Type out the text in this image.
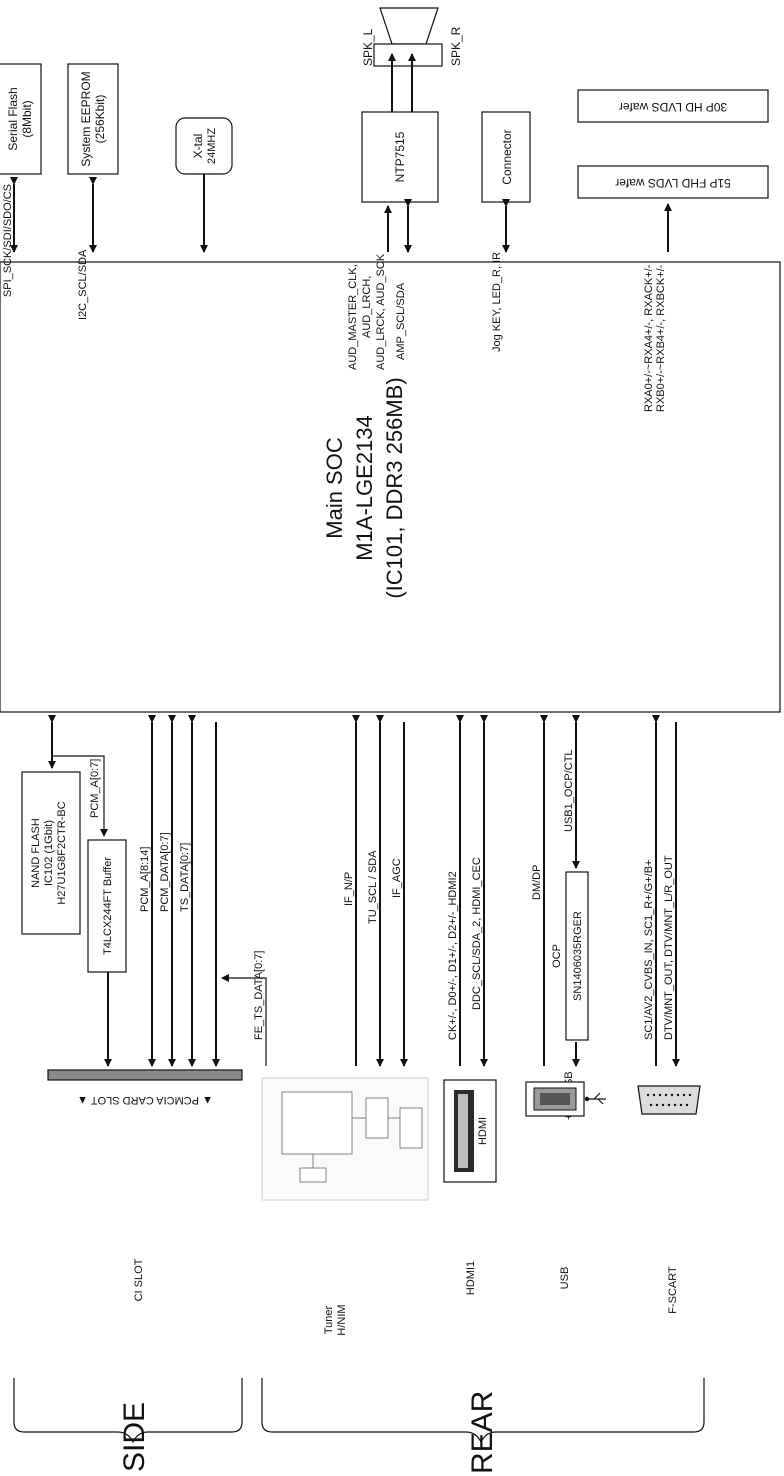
Main SOC M1A-LGE2134 (IC101, DDR3 256MB)
Serial Flash (8Mbit)
SPI_SCK/SDI/SDO/CS
System EEPROM (256Kbit)
I2C_SCL/SDA
X-tal 24MHZ
SPK_L	SPK_R
NTP7515
AUD_MASTER_CLK, AUD_LRCH, AUD_LRCK, AUD_SCK AMP_SCL/SDA
Connector
Jog KEY, LED_R, IR
30P HD LVDS wafer
51P FHD LVDS wafer
RXA0+/-~RXA4+/-, RXACK+/- RXB0+/-~RXB4+/-, RXBCK+/-
PCM_A[0:7]
NAND FLASH IC102 (1Gbit) H27U1G8F2CTR-BC
T4LCX244FT Buffer PCM_A[8:14] PCM_DATA[0:7] TS_DATA[0:7]
FE_TS_DATA[0:7]
▲ PCMCIA CARD SLOT ▲
IF_N/P TU_SCL / SDA IF_AGC	CK+/-, D0+/-, D1+/-, D2+/-_HDMI2 DDC_SCL/SDA_2, HDMI_CEC
HDMI
DM/DP
USB1_OCP/CTL
OCP SN1406035RGER	SC1/AV2_CVBS_IN, SC1_R+/G+/B+ DTV/MNT_OUT, DTV/MNT_L/R_OUT
CI SLOT
Tuner H/NIM
HDMI1	USB	F-SCART
SIDE	REAR
